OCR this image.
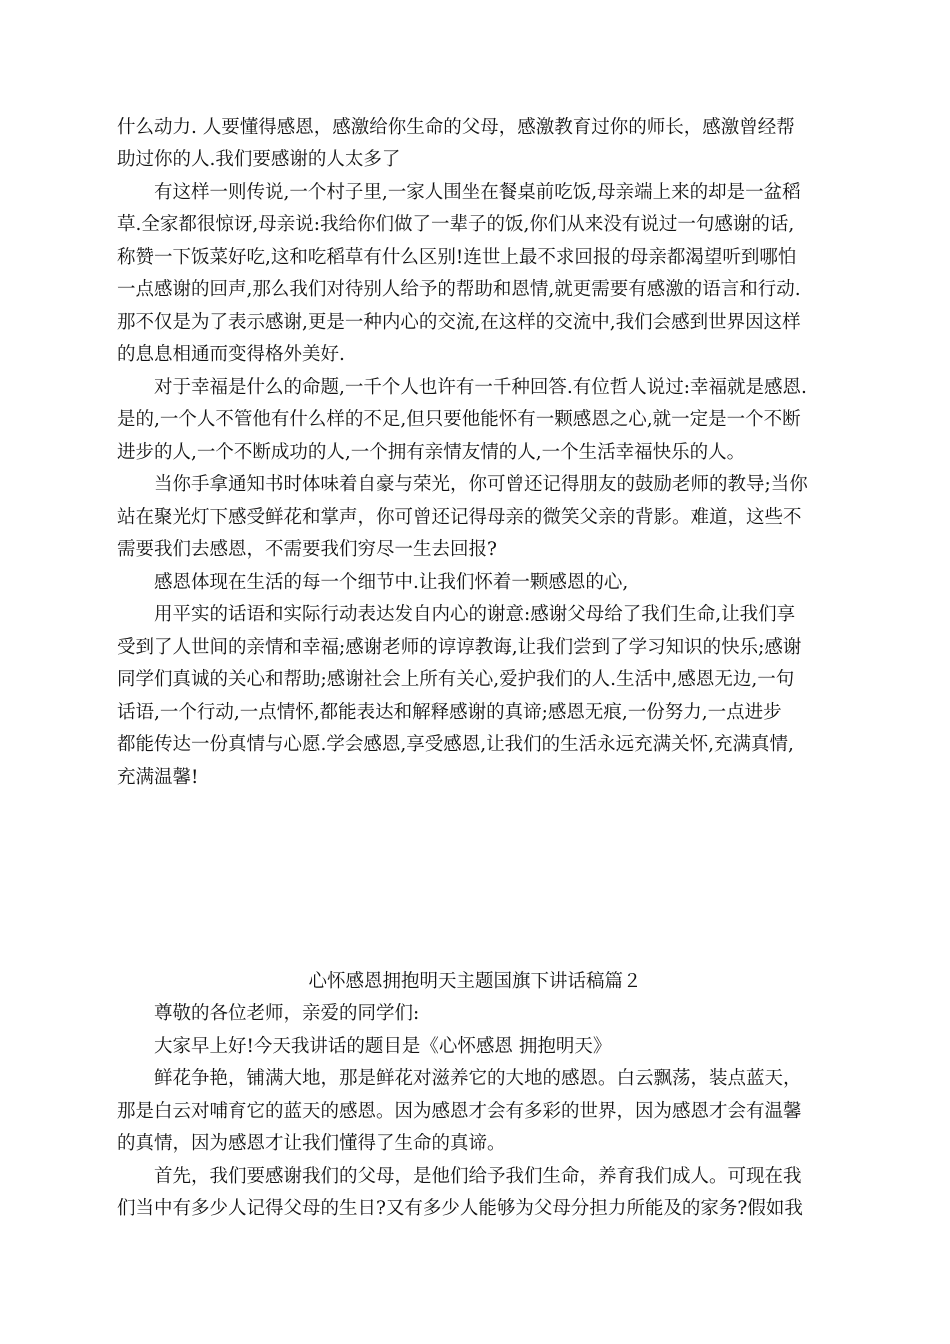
什么动力. 人要懂得感恩，感激给你生命的父母，感激教育过你的师长，感激曾经帮

助过你的人.我们要感谢的人太多了

　　有这样一则传说,一个村子里,一家人围坐在餐桌前吃饭,母亲端上来的却是一盆稻

草.全家都很惊讶,母亲说:我给你们做了一辈子的饭,你们从来没有说过一句感谢的话,

称赞一下饭菜好吃,这和吃稻草有什么区别!连世上最不求回报的母亲都渴望听到哪怕

一点感谢的回声,那么我们对待别人给予的帮助和恩情,就更需要有感激的语言和行动.

那不仅是为了表示感谢,更是一种内心的交流,在这样的交流中,我们会感到世界因这样

的息息相通而变得格外美好.

　　对于幸福是什么的命题,一千个人也许有一千种回答.有位哲人说过:幸福就是感恩.

是的,一个人不管他有什么样的不足,但只要他能怀有一颗感恩之心,就一定是一个不断

进步的人,一个不断成功的人,一个拥有亲情友情的人,一个生活幸福快乐的人。

　　当你手拿通知书时体味着自豪与荣光，你可曾还记得朋友的鼓励老师的教导;当你

站在聚光灯下感受鲜花和掌声，你可曾还记得母亲的微笑父亲的背影。难道，这些不

需要我们去感恩，不需要我们穷尽一生去回报?

　　感恩体现在生活的每一个细节中.让我们怀着一颗感恩的心,

　　用平实的话语和实际行动表达发自内心的谢意:感谢父母给了我们生命,让我们享

受到了人世间的亲情和幸福;感谢老师的谆谆教诲,让我们尝到了学习知识的快乐;感谢

同学们真诚的关心和帮助;感谢社会上所有关心,爱护我们的人.生活中,感恩无边,一句

话语,一个行动,一点情怀,都能表达和解释感谢的真谛;感恩无痕,一份努力,一点进步

都能传达一份真情与心愿.学会感恩,享受感恩,让我们的生活永远充满关怀,充满真情,

充满温馨!

心怀感恩拥抱明天主题国旗下讲话稿篇２

　　尊敬的各位老师，亲爱的同学们:

　　大家早上好!今天我讲话的题目是《心怀感恩 拥抱明天》

　　鲜花争艳，铺满大地，那是鲜花对滋养它的大地的感恩。白云飘荡，装点蓝天，

那是白云对哺育它的蓝天的感恩。因为感恩才会有多彩的世界，因为感恩才会有温馨

的真情，因为感恩才让我们懂得了生命的真谛。

　　首先，我们要感谢我们的父母，是他们给予我们生命，养育我们成人。可现在我

们当中有多少人记得父母的生日?又有多少人能够为父母分担力所能及的家务?假如我
